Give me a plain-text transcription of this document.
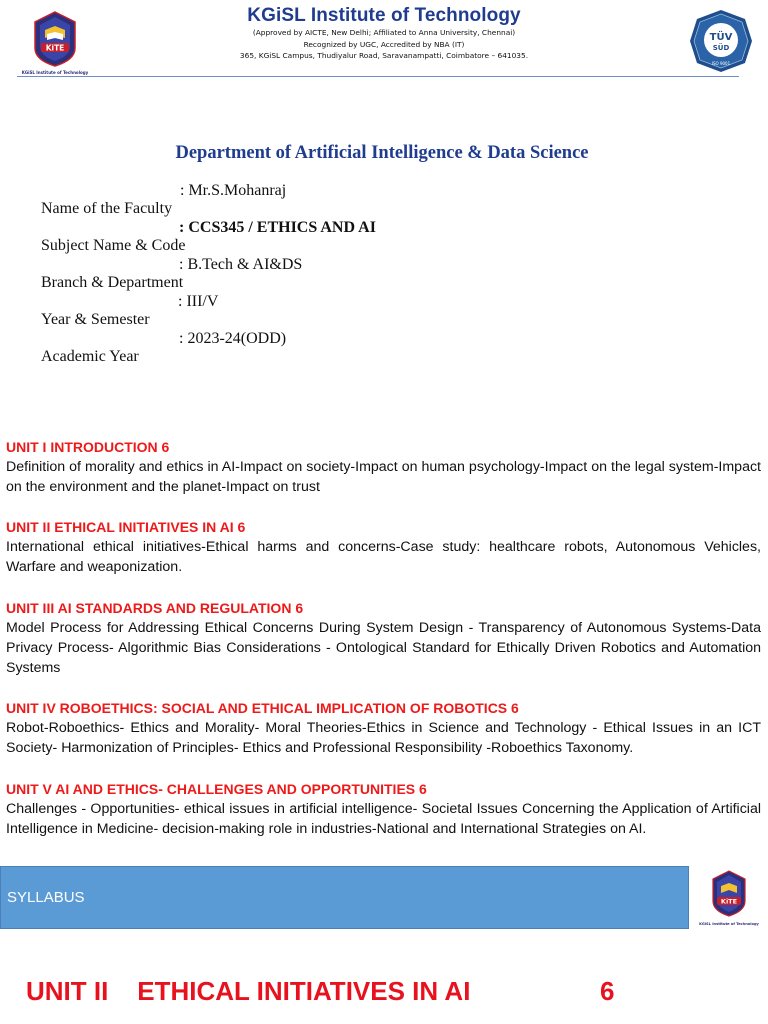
KiTE
KGiSL Institute of Technology
KGiSL Institute of Technology
(Approved by AICTE, New Delhi; Affiliated to Anna University, Chennai)
Recognized by UGC, Accredited by NBA (IT)
365, KGiSL Campus, Thudiyalur Road, Saravanampatti, Coimbatore – 641035.
TÜV
SÜD
ISO 9001
Department of Artificial Intelligence & Data Science

Name of the Faculty

: Mr.S.Mohanraj

Subject Name & Code

: CCS345 / ETHICS AND AI

Branch & Department

: B.Tech & AI&DS

Year & Semester

: III/V

Academic Year

: 2023-24(ODD)

UNIT I INTRODUCTION 6
Definition of morality and ethics in AI-Impact on society-Impact on human psychology-Impact on the legal system-Impact on the environment and the planet-Impact on trust
UNIT II ETHICAL INITIATIVES IN AI 6
International ethical initiatives-Ethical harms and concerns-Case study: healthcare robots, Autonomous Vehicles, Warfare and weaponization.
UNIT III AI STANDARDS AND REGULATION 6
Model Process for Addressing Ethical Concerns During System Design - Transparency of Autonomous Systems-Data Privacy Process- Algorithmic Bias Considerations - Ontological Standard for Ethically Driven Robotics and Automation Systems
UNIT IV ROBOETHICS: SOCIAL AND ETHICAL IMPLICATION OF ROBOTICS 6
Robot-Roboethics- Ethics and Morality- Moral Theories-Ethics in Science and Technology - Ethical Issues in an ICT Society- Harmonization of Principles- Ethics and Professional Responsibility -Roboethics Taxonomy.
UNIT V AI AND ETHICS- CHALLENGES AND OPPORTUNITIES 6
Challenges - Opportunities- ethical issues in artificial intelligence- Societal Issues Concerning the Application of Artificial Intelligence in Medicine- decision-making role in industries-National and International Strategies on AI.
SYLLABUS	KiTE
KGiSL Institute of Technology
UNIT II    ETHICAL INITIATIVES IN AI	6
